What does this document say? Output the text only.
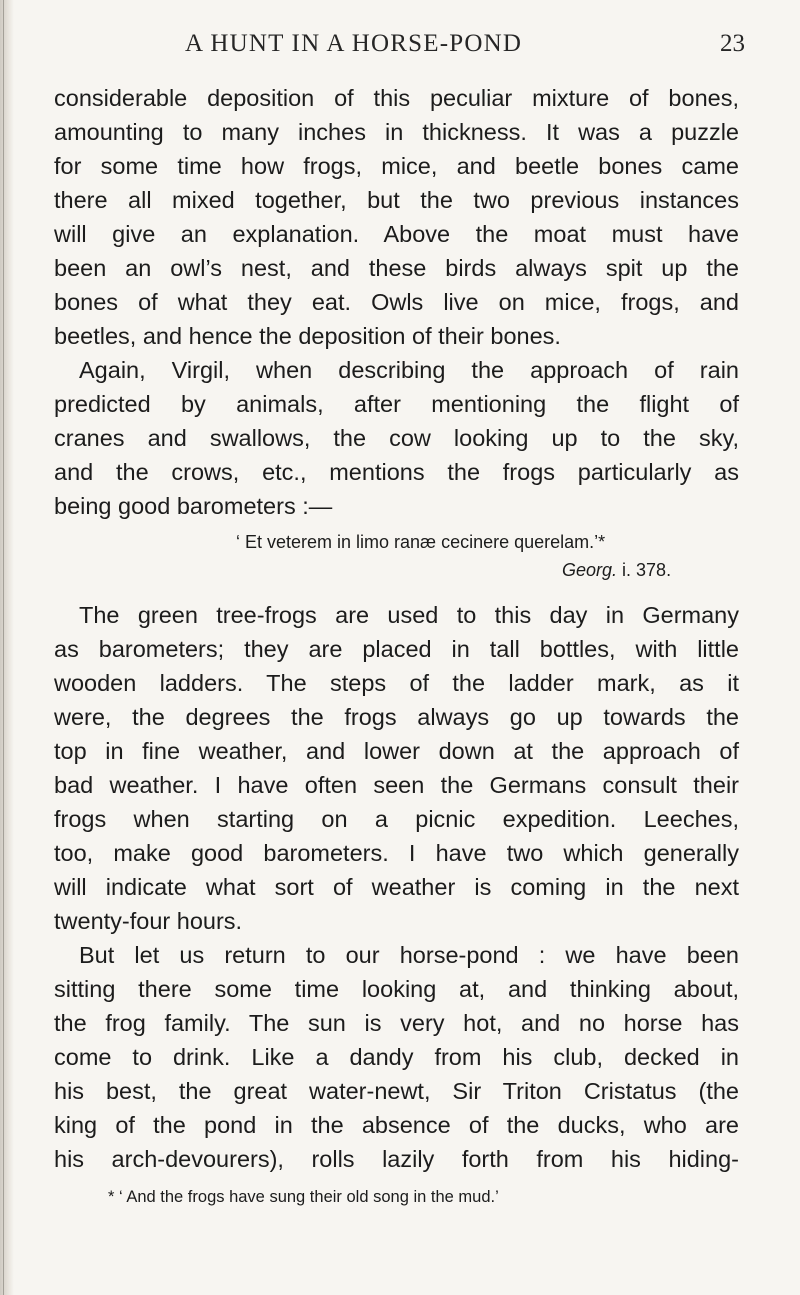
A HUNT IN A HORSE-POND	23
considerable deposition of this peculiar mixture of bones,
amounting to many inches in thickness. It was a puzzle
for some time how frogs, mice, and beetle bones came
there all mixed together, but the two previous instances
will give an explanation. Above the moat must have
been an owl’s nest, and these birds always spit up the
bones of what they eat. Owls live on mice, frogs, and
beetles, and hence the deposition of their bones.
Again, Virgil, when describing the approach of rain
predicted by animals, after mentioning the flight of
cranes and swallows, the cow looking up to the sky,
and the crows, etc., mentions the frogs particularly as
being good barometers :—
‘ Et veterem in limo ranæ cecinere querelam.’*
Georg. i. 378.
The green tree-frogs are used to this day in Germany
as barometers; they are placed in tall bottles, with little
wooden ladders. The steps of the ladder mark, as it
were, the degrees the frogs always go up towards the
top in fine weather, and lower down at the approach of
bad weather. I have often seen the Germans consult their
frogs when starting on a picnic expedition. Leeches,
too, make good barometers. I have two which generally
will indicate what sort of weather is coming in the next
twenty-four hours.
But let us return to our horse-pond : we have been
sitting there some time looking at, and thinking about,
the frog family. The sun is very hot, and no horse has
come to drink. Like a dandy from his club, decked in
his best, the great water-newt, Sir Triton Cristatus (the
king of the pond in the absence of the ducks, who are
his arch-devourers), rolls lazily forth from his hiding-
* ‘ And the frogs have sung their old song in the mud.’
